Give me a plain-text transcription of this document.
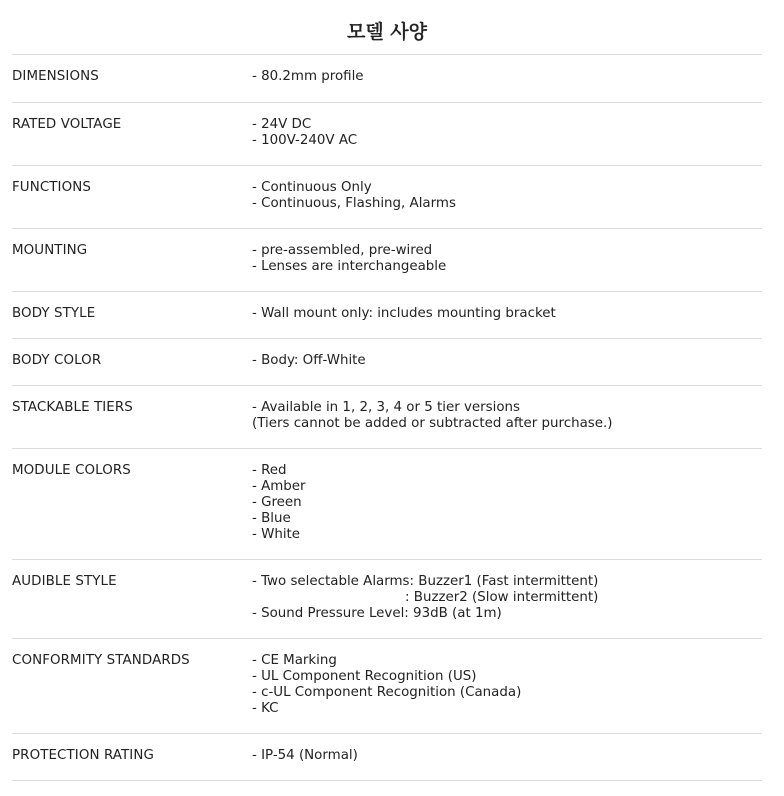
모델 사양
DIMENSIONS	- 80.2mm profile
RATED VOLTAGE	- 24V DC
- 100V-240V AC
FUNCTIONS	- Continuous Only
- Continuous, Flashing, Alarms
MOUNTING	- pre-assembled, pre-wired
- Lenses are interchangeable
BODY STYLE	- Wall mount only: includes mounting bracket
BODY COLOR	- Body: Off-White
STACKABLE TIERS	- Available in 1, 2, 3, 4 or 5 tier versions
(Tiers cannot be added or subtracted after purchase.)
MODULE COLORS	- Red
- Amber
- Green
- Blue
- White
AUDIBLE STYLE	- Two selectable Alarms: Buzzer1 (Fast intermittent)
: Buzzer2 (Slow intermittent)
- Sound Pressure Level: 93dB (at 1m)
CONFORMITY STANDARDS	- CE Marking
- UL Component Recognition (US)
- c-UL Component Recognition (Canada)
- KC
PROTECTION RATING	- IP-54 (Normal)
